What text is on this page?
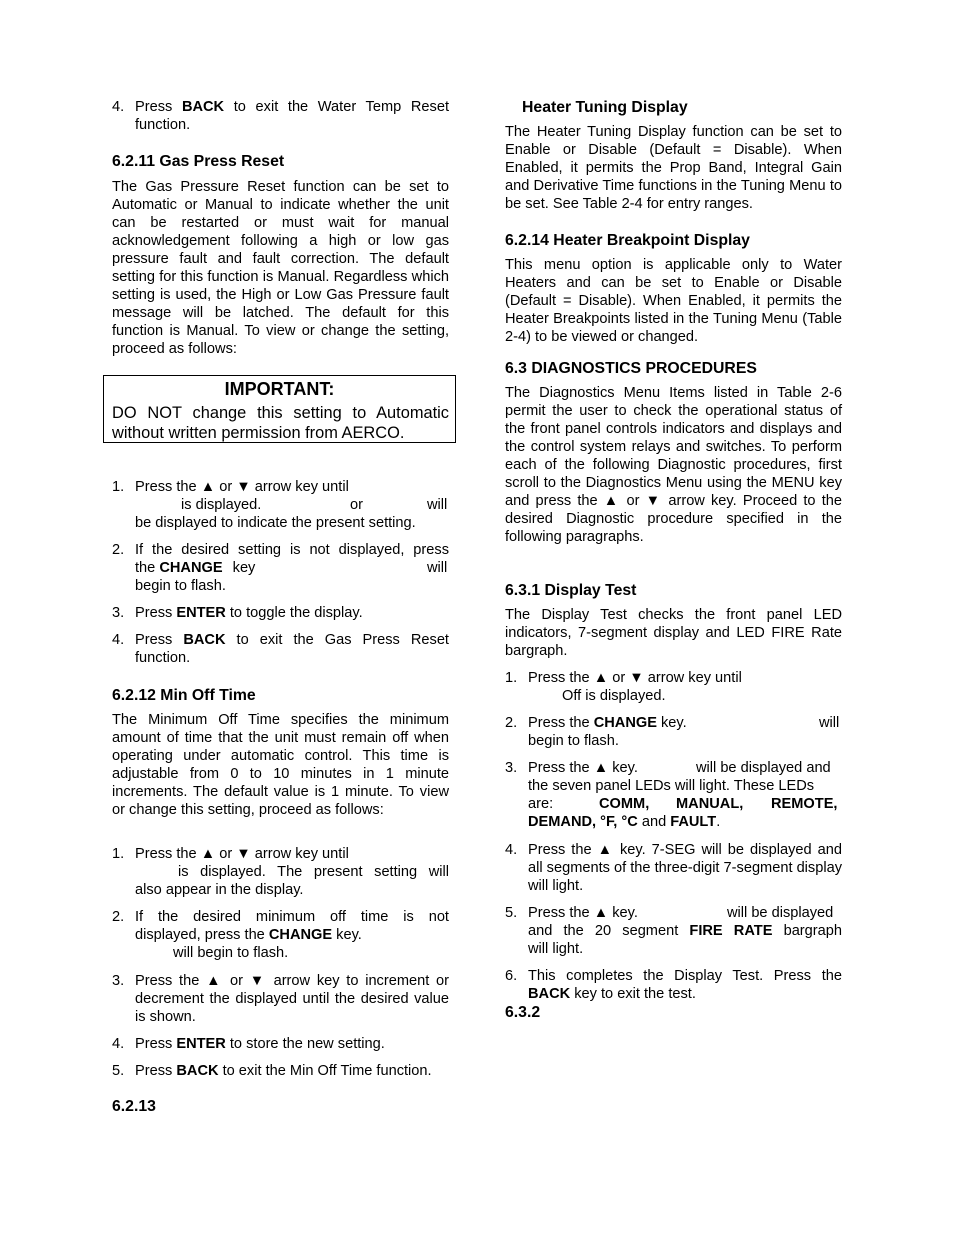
4. Press BACK to exit the Water Temp Reset function.
6.2.11 Gas Press Reset
The Gas Pressure Reset function can be set to Automatic or Manual to indicate whether the unit can be restarted or must wait for manual acknowledgement following a high or low gas pressure fault and fault correction. The default setting for this function is Manual. Regardless which setting is used, the High or Low Gas Pressure fault message will be latched. The default for this function is Manual. To view or change the setting, proceed as follows:
IMPORTANT:
DO NOT change this setting to Automatic without written permission from AERCO.
1. Press the ▲ or ▼ arrow key until
is displayed.	or	will
be displayed to indicate the present setting.
2. If the desired setting is not displayed, press
the CHANGE key	will
begin to flash.
3. Press ENTER to toggle the display.
4. Press BACK to exit the Gas Press Reset function.
6.2.12 Min Off Time
The Minimum Off Time specifies the minimum amount of time that the unit must remain off when operating under automatic control. This time is adjustable from 0 to 10 minutes in 1 minute increments. The default value is 1 minute. To view or change this setting, proceed as follows:
1. Press the ▲ or ▼ arrow key until
is displayed. The present setting will
also appear in the display.
2. If the desired minimum off time is not
displayed, press the CHANGE key.
will begin to flash.
3. Press the ▲ or ▼ arrow key to increment or decrement the displayed until the desired value is shown.
4. Press ENTER to store the new setting.
5. Press BACK to exit the Min Off Time function.
6.2.13
Heater Tuning Display
The Heater Tuning Display function can be set to Enable or Disable (Default = Disable). When Enabled, it permits the Prop Band, Integral Gain and Derivative Time functions in the Tuning Menu to be set. See Table 2-4 for entry ranges.
6.2.14 Heater Breakpoint Display
This menu option is applicable only to Water Heaters and can be set to Enable or Disable (Default = Disable). When Enabled, it permits the Heater Breakpoints listed in the Tuning Menu (Table 2-4) to be viewed or changed.
6.3 DIAGNOSTICS PROCEDURES
The Diagnostics Menu Items listed in Table 2-6 permit the user to check the operational status of the front panel controls indicators and displays and the control system relays and switches. To perform each of the following Diagnostic procedures, first scroll to the Diagnostics Menu using the MENU key and press the ▲ or ▼ arrow key. Proceed to the desired Diagnostic procedure specified in the following paragraphs.
6.3.1 Display Test
The Display Test checks the front panel LED indicators, 7-segment display and LED FIRE Rate bargraph.
1. Press the ▲ or ▼ arrow key until
Off is displayed.
2. Press the CHANGE key.	will
begin to flash.
3. Press the ▲ key.	will be displayed and
the seven panel LEDs will light. These LEDs
are:	COMM, MANUAL, REMOTE,
DEMAND, °F, °C and FAULT.
4. Press the ▲ key. 7-SEG will be displayed and all segments of the three-digit 7-segment display will light.
5. Press the ▲ key.	will be displayed
and the 20 segment FIRE RATE bargraph
will light.
6. This completes the Display Test. Press the
BACK key to exit the test.
6.3.2
